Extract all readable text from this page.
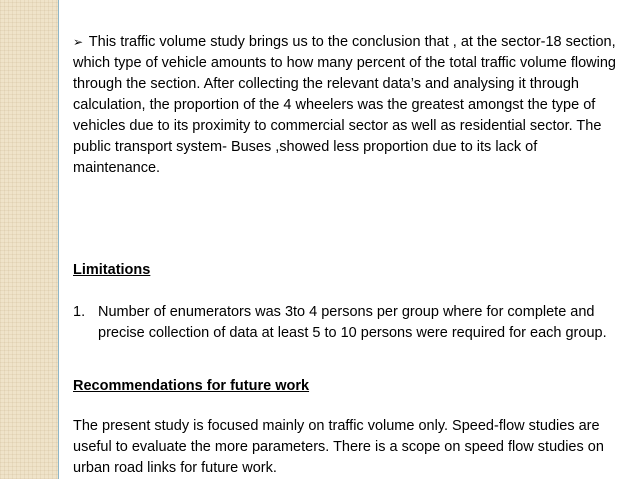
➢ This traffic volume study brings us to the conclusion that , at the sector-18 section, which type of vehicle amounts to how many percent of the total traffic volume flowing through the section. After collecting the relevant data’s and analysing it through calculation, the proportion of the 4 wheelers was the greatest amongst the type of vehicles due to its proximity to commercial sector as well as residential sector. The public transport system- Buses ,showed less proportion due to its lack of maintenance.

Limitations
1. Number of enumerators was 3to 4 persons per group where for complete and precise collection of data at least 5 to 10 persons were required for each group.
Recommendations for future work

The present study is focused mainly on traffic volume only. Speed-flow studies are useful to evaluate the more parameters. There is a scope on speed flow studies on urban road links for future work.
